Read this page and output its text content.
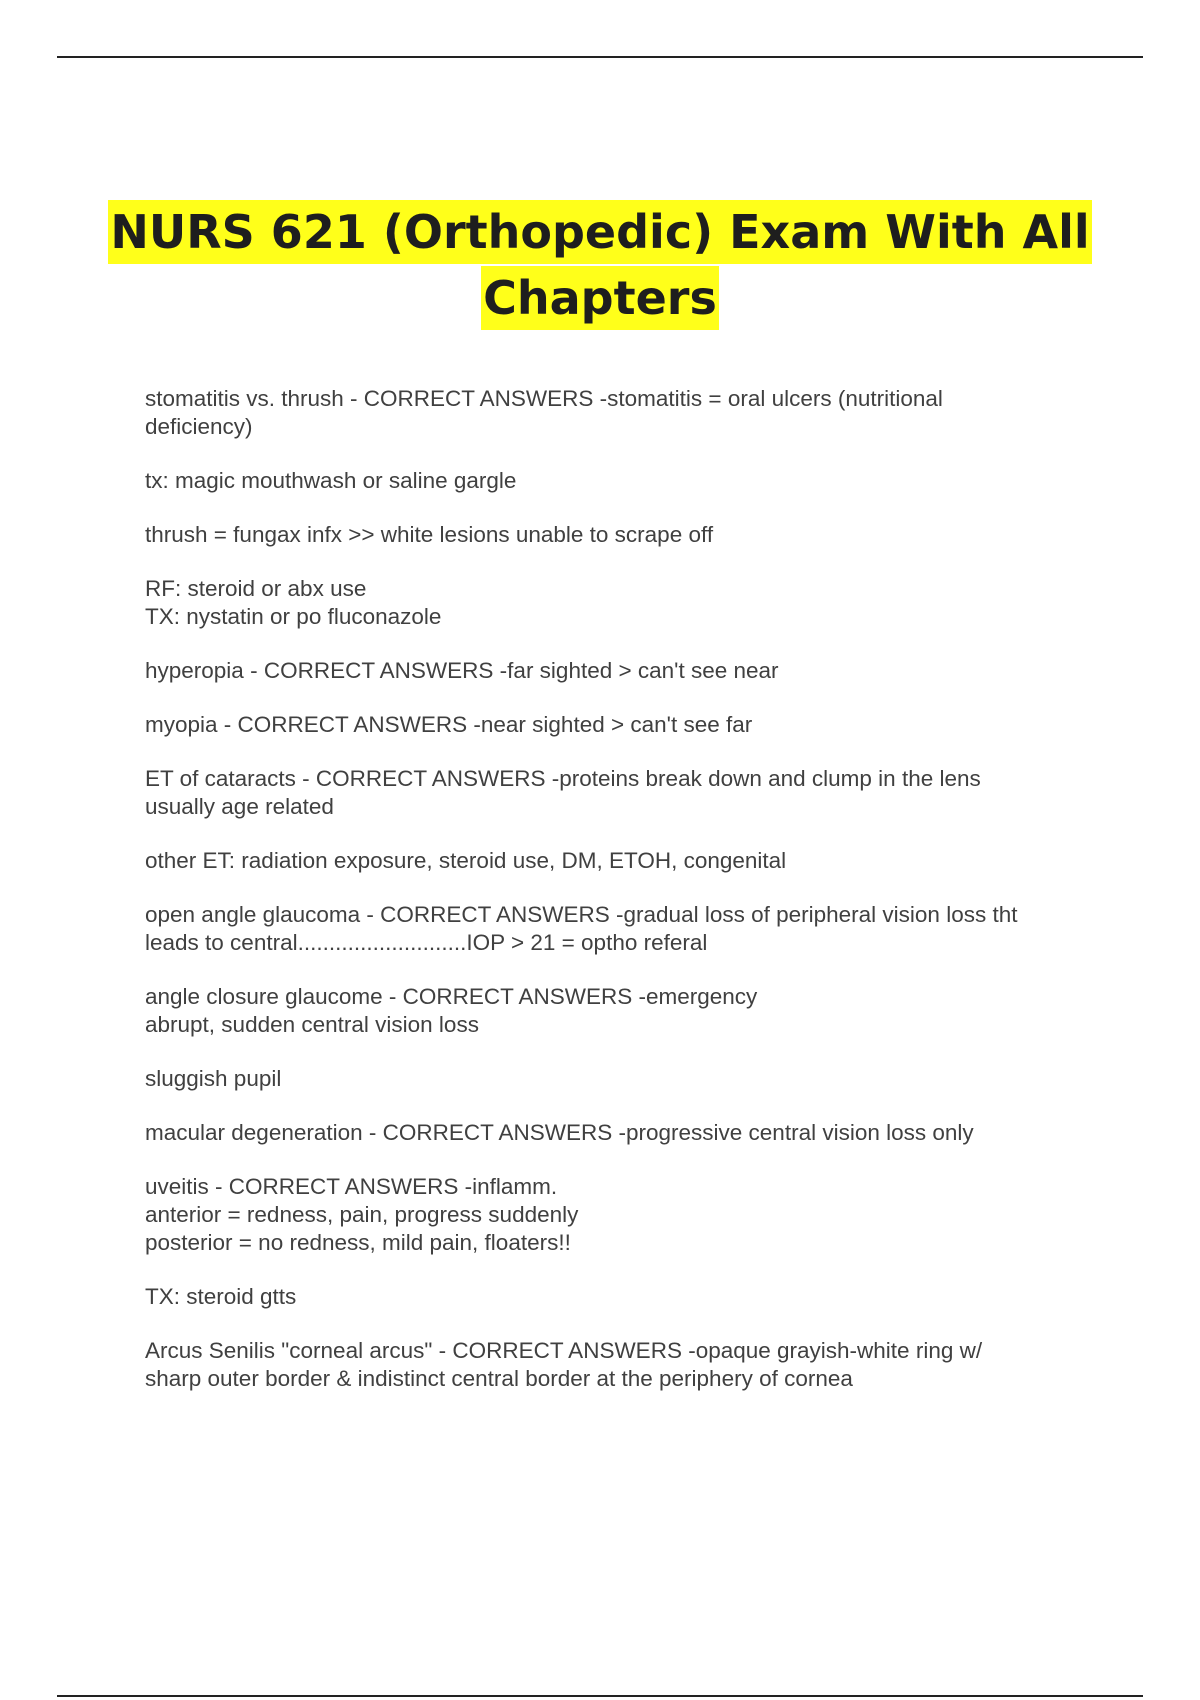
NURS 621 (Orthopedic) Exam With All
Chapters
stomatitis vs. thrush - CORRECT ANSWERS -stomatitis = oral ulcers (nutritional
deficiency)
tx: magic mouthwash or saline gargle
thrush = fungax infx >> white lesions unable to scrape off
RF: steroid or abx use
TX: nystatin or po fluconazole
hyperopia - CORRECT ANSWERS -far sighted > can't see near
myopia - CORRECT ANSWERS -near sighted > can't see far
ET of cataracts - CORRECT ANSWERS -proteins break down and clump in the lens
usually age related
other ET: radiation exposure, steroid use, DM, ETOH, congenital
open angle glaucoma - CORRECT ANSWERS -gradual loss of peripheral vision loss tht
leads to central...........................IOP > 21 = optho referal
angle closure glaucome - CORRECT ANSWERS -emergency
abrupt, sudden central vision loss
sluggish pupil
macular degeneration - CORRECT ANSWERS -progressive central vision loss only
uveitis - CORRECT ANSWERS -inflamm.
anterior = redness, pain, progress suddenly
posterior = no redness, mild pain, floaters!!
TX: steroid gtts
Arcus Senilis "corneal arcus" - CORRECT ANSWERS -opaque grayish-white ring w/
sharp outer border & indistinct central border at the periphery of cornea
